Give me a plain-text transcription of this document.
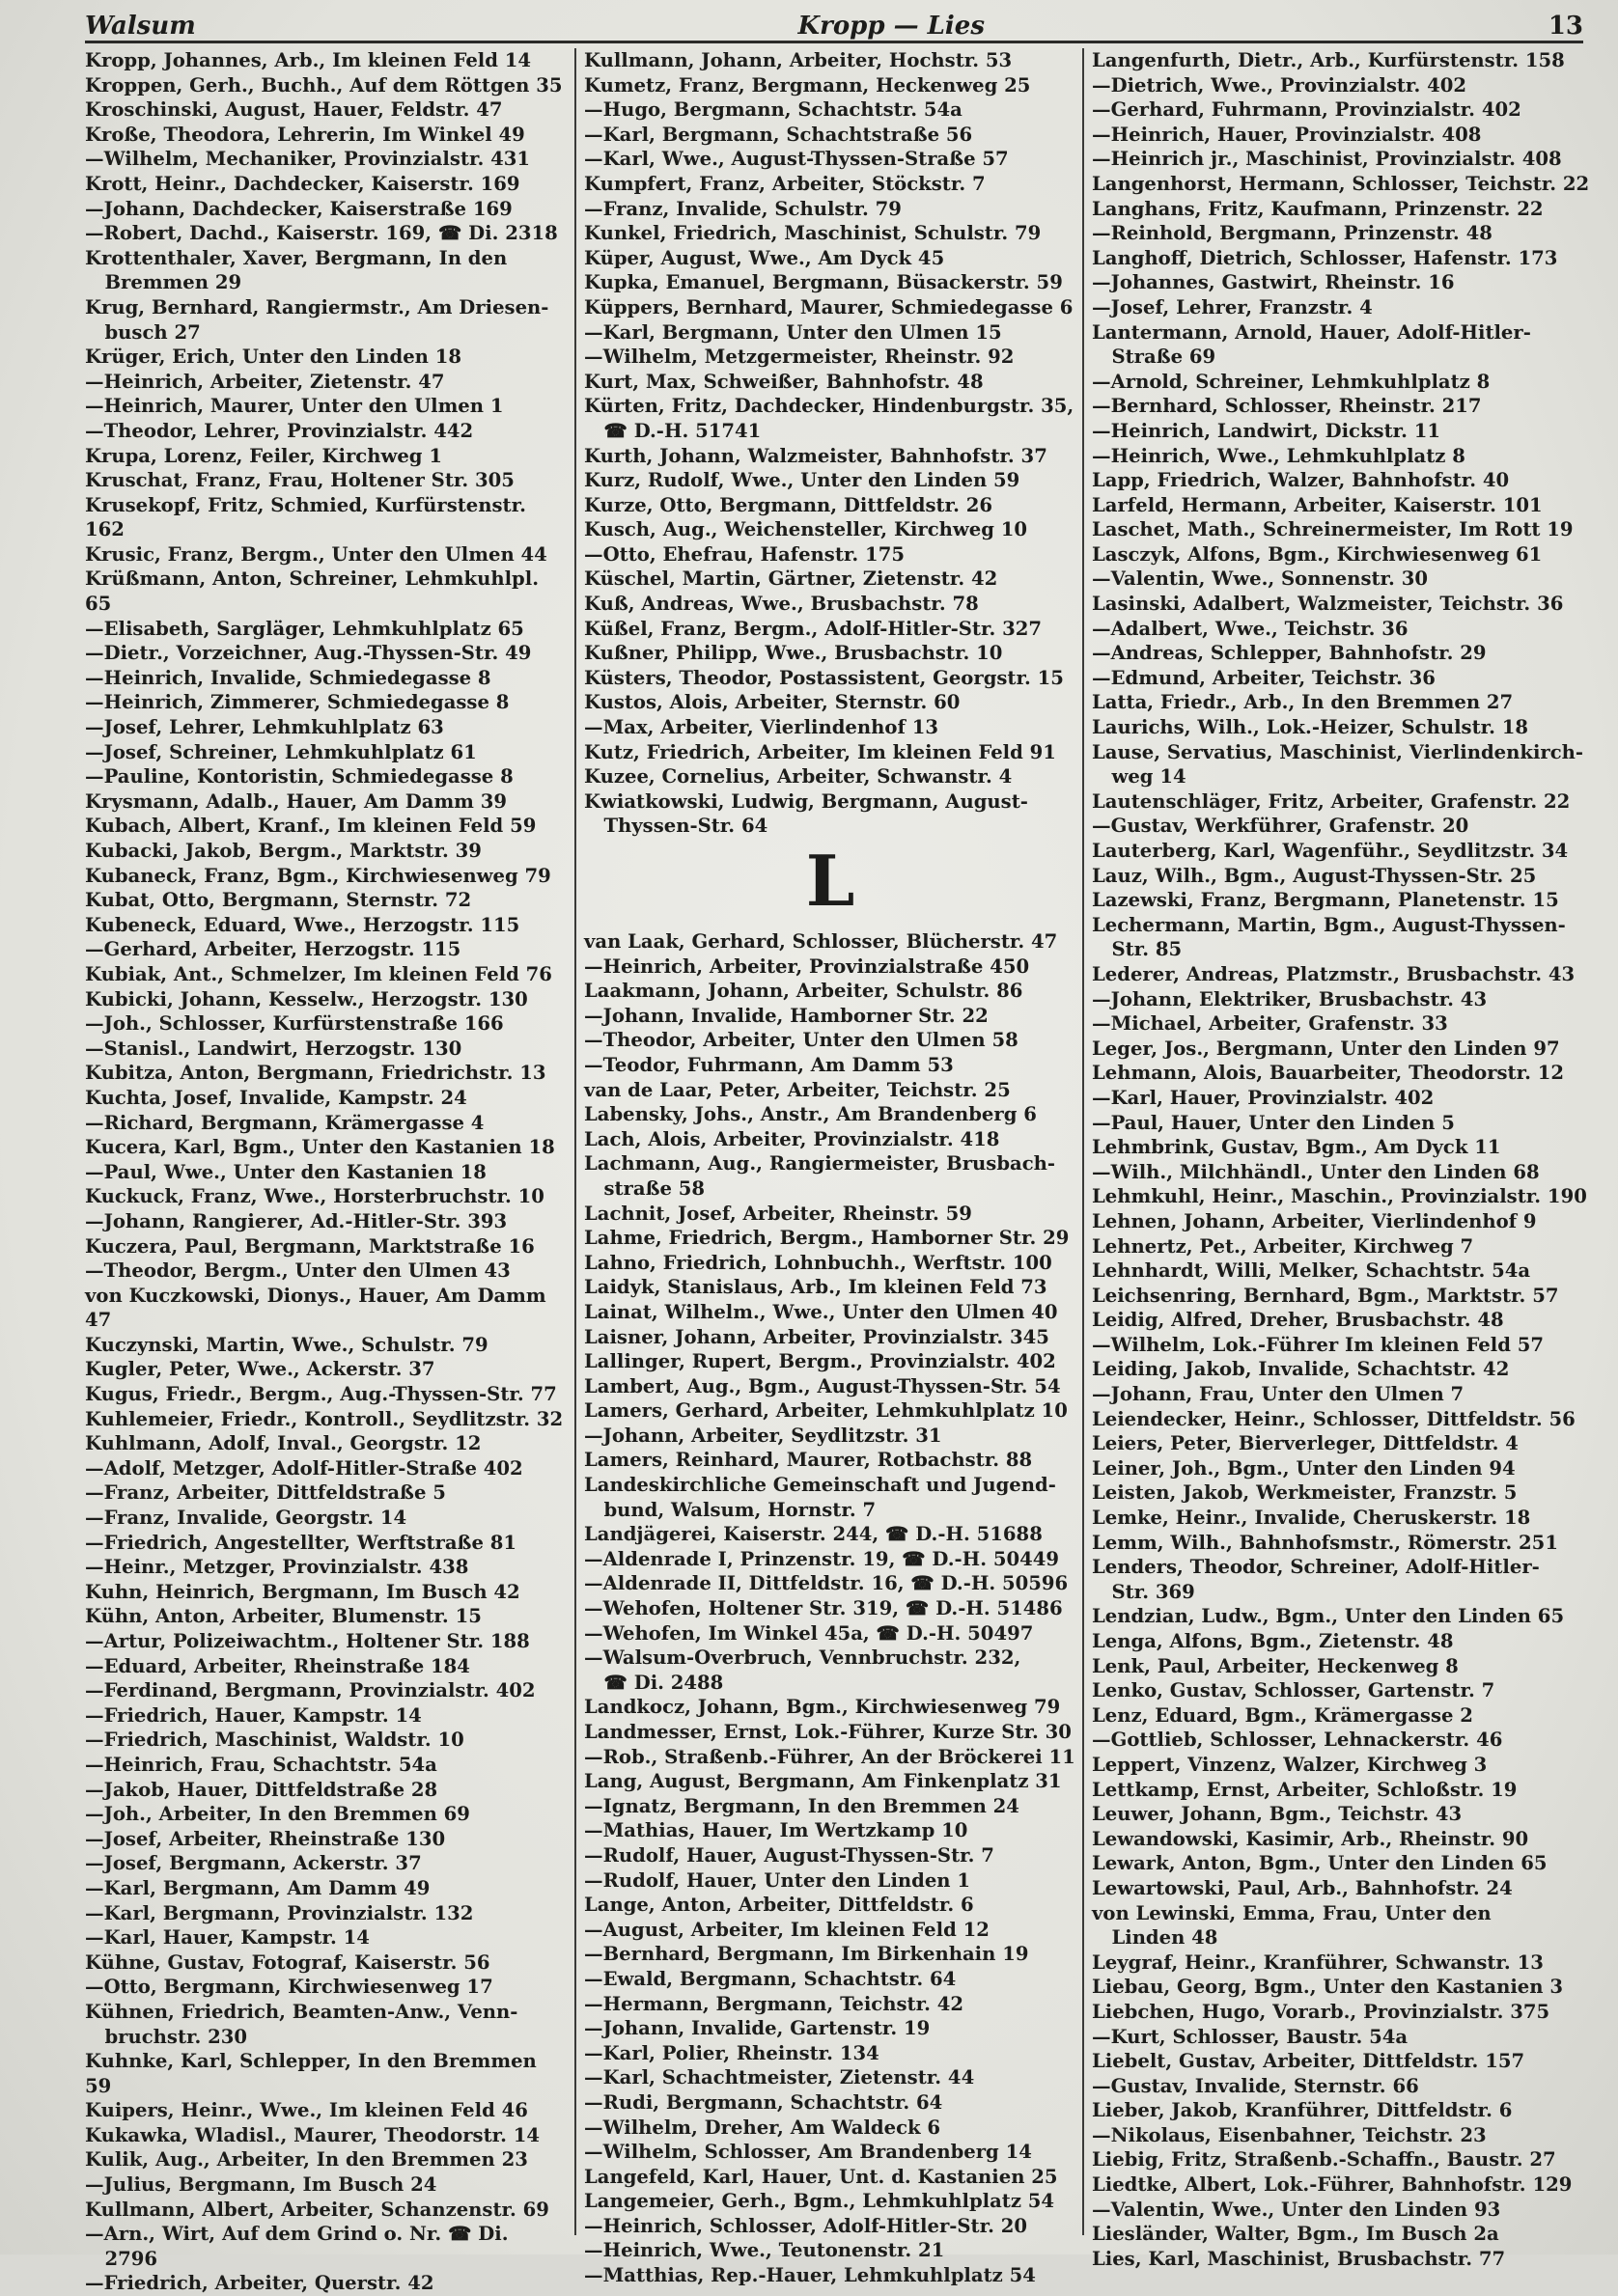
Walsum	Kropp — Lies	13

Kropp, Johannes, Arb., Im kleinen Feld 14

Kroppen, Gerh., Buchh., Auf dem Röttgen 35

Kroschinski, August, Hauer, Feldstr. 47

Kroße, Theodora, Lehrerin, Im Winkel 49

—Wilhelm, Mechaniker, Provinzialstr. 431

Krott, Heinr., Dachdecker, Kaiserstr. 169

—Johann, Dachdecker, Kaiserstraße 169

—Robert, Dachd., Kaiserstr. 169, ☎ Di. 2318

Krottenthaler, Xaver, Bergmann, In den
Bremmen 29

Krug, Bernhard, Rangiermstr., Am Driesen-
busch 27

Krüger, Erich, Unter den Linden 18

—Heinrich, Arbeiter, Zietenstr. 47

—Heinrich, Maurer, Unter den Ulmen 1

—Theodor, Lehrer, Provinzialstr. 442

Krupa, Lorenz, Feiler, Kirchweg 1

Kruschat, Franz, Frau, Holtener Str. 305

Krusekopf, Fritz, Schmied, Kurfürstenstr. 162

Krusic, Franz, Bergm., Unter den Ulmen 44

Krüßmann, Anton, Schreiner, Lehmkuhlpl. 65

—Elisabeth, Sargläger, Lehmkuhlplatz 65

—Dietr., Vorzeichner, Aug.-Thyssen-Str. 49

—Heinrich, Invalide, Schmiedegasse 8

—Heinrich, Zimmerer, Schmiedegasse 8

—Josef, Lehrer, Lehmkuhlplatz 63

—Josef, Schreiner, Lehmkuhlplatz 61

—Pauline, Kontoristin, Schmiedegasse 8

Krysmann, Adalb., Hauer, Am Damm 39

Kubach, Albert, Kranf., Im kleinen Feld 59

Kubacki, Jakob, Bergm., Marktstr. 39

Kubaneck, Franz, Bgm., Kirchwiesenweg 79

Kubat, Otto, Bergmann, Sternstr. 72

Kubeneck, Eduard, Wwe., Herzogstr. 115

—Gerhard, Arbeiter, Herzogstr. 115

Kubiak, Ant., Schmelzer, Im kleinen Feld 76

Kubicki, Johann, Kesselw., Herzogstr. 130

—Joh., Schlosser, Kurfürstenstraße 166

—Stanisl., Landwirt, Herzogstr. 130

Kubitza, Anton, Bergmann, Friedrichstr. 13

Kuchta, Josef, Invalide, Kampstr. 24

—Richard, Bergmann, Krämergasse 4

Kucera, Karl, Bgm., Unter den Kastanien 18

—Paul, Wwe., Unter den Kastanien 18

Kuckuck, Franz, Wwe., Horsterbruchstr. 10

—Johann, Rangierer, Ad.-Hitler-Str. 393

Kuczera, Paul, Bergmann, Marktstraße 16

—Theodor, Bergm., Unter den Ulmen 43

von Kuczkowski, Dionys., Hauer, Am Damm 47

Kuczynski, Martin, Wwe., Schulstr. 79

Kugler, Peter, Wwe., Ackerstr. 37

Kugus, Friedr., Bergm., Aug.-Thyssen-Str. 77

Kuhlemeier, Friedr., Kontroll., Seydlitzstr. 32

Kuhlmann, Adolf, Inval., Georgstr. 12

—Adolf, Metzger, Adolf-Hitler-Straße 402

—Franz, Arbeiter, Dittfeldstraße 5

—Franz, Invalide, Georgstr. 14

—Friedrich, Angestellter, Werftstraße 81

—Heinr., Metzger, Provinzialstr. 438

Kuhn, Heinrich, Bergmann, Im Busch 42

Kühn, Anton, Arbeiter, Blumenstr. 15

—Artur, Polizeiwachtm., Holtener Str. 188

—Eduard, Arbeiter, Rheinstraße 184

—Ferdinand, Bergmann, Provinzialstr. 402

—Friedrich, Hauer, Kampstr. 14

—Friedrich, Maschinist, Waldstr. 10

—Heinrich, Frau, Schachtstr. 54a

—Jakob, Hauer, Dittfeldstraße 28

—Joh., Arbeiter, In den Bremmen 69

—Josef, Arbeiter, Rheinstraße 130

—Josef, Bergmann, Ackerstr. 37

—Karl, Bergmann, Am Damm 49

—Karl, Bergmann, Provinzialstr. 132

—Karl, Hauer, Kampstr. 14

Kühne, Gustav, Fotograf, Kaiserstr. 56

—Otto, Bergmann, Kirchwiesenweg 17

Kühnen, Friedrich, Beamten-Anw., Venn-
bruchstr. 230

Kuhnke, Karl, Schlepper, In den Bremmen 59

Kuipers, Heinr., Wwe., Im kleinen Feld 46

Kukawka, Wladisl., Maurer, Theodorstr. 14

Kulik, Aug., Arbeiter, In den Bremmen 23

—Julius, Bergmann, Im Busch 24

Kullmann, Albert, Arbeiter, Schanzenstr. 69

—Arn., Wirt, Auf dem Grind o. Nr. ☎ Di.
2796

—Friedrich, Arbeiter, Querstr. 42

Kullmann, Johann, Arbeiter, Hochstr. 53

Kumetz, Franz, Bergmann, Heckenweg 25

—Hugo, Bergmann, Schachtstr. 54a

—Karl, Bergmann, Schachtstraße 56

—Karl, Wwe., August-Thyssen-Straße 57

Kumpfert, Franz, Arbeiter, Stöckstr. 7

—Franz, Invalide, Schulstr. 79

Kunkel, Friedrich, Maschinist, Schulstr. 79

Küper, August, Wwe., Am Dyck 45

Kupka, Emanuel, Bergmann, Büsackerstr. 59

Küppers, Bernhard, Maurer, Schmiedegasse 6

—Karl, Bergmann, Unter den Ulmen 15

—Wilhelm, Metzgermeister, Rheinstr. 92

Kurt, Max, Schweißer, Bahnhofstr. 48

Kürten, Fritz, Dachdecker, Hindenburgstr. 35,
☎ D.-H. 51741

Kurth, Johann, Walzmeister, Bahnhofstr. 37

Kurz, Rudolf, Wwe., Unter den Linden 59

Kurze, Otto, Bergmann, Dittfeldstr. 26

Kusch, Aug., Weichensteller, Kirchweg 10

—Otto, Ehefrau, Hafenstr. 175

Küschel, Martin, Gärtner, Zietenstr. 42

Kuß, Andreas, Wwe., Brusbachstr. 78

Küßel, Franz, Bergm., Adolf-Hitler-Str. 327

Kußner, Philipp, Wwe., Brusbachstr. 10

Küsters, Theodor, Postassistent, Georgstr. 15

Kustos, Alois, Arbeiter, Sternstr. 60

—Max, Arbeiter, Vierlindenhof 13

Kutz, Friedrich, Arbeiter, Im kleinen Feld 91

Kuzee, Cornelius, Arbeiter, Schwanstr. 4

Kwiatkowski, Ludwig, Bergmann, August-
Thyssen-Str. 64

L

van Laak, Gerhard, Schlosser, Blücherstr. 47

—Heinrich, Arbeiter, Provinzialstraße 450

Laakmann, Johann, Arbeiter, Schulstr. 86

—Johann, Invalide, Hamborner Str. 22

—Theodor, Arbeiter, Unter den Ulmen 58

—Teodor, Fuhrmann, Am Damm 53

van de Laar, Peter, Arbeiter, Teichstr. 25

Labensky, Johs., Anstr., Am Brandenberg 6

Lach, Alois, Arbeiter, Provinzialstr. 418

Lachmann, Aug., Rangiermeister, Brusbach-
straße 58

Lachnit, Josef, Arbeiter, Rheinstr. 59

Lahme, Friedrich, Bergm., Hamborner Str. 29

Lahno, Friedrich, Lohnbuchh., Werftstr. 100

Laidyk, Stanislaus, Arb., Im kleinen Feld 73

Lainat, Wilhelm., Wwe., Unter den Ulmen 40

Laisner, Johann, Arbeiter, Provinzialstr. 345

Lallinger, Rupert, Bergm., Provinzialstr. 402

Lambert, Aug., Bgm., August-Thyssen-Str. 54

Lamers, Gerhard, Arbeiter, Lehmkuhlplatz 10

—Johann, Arbeiter, Seydlitzstr. 31

Lamers, Reinhard, Maurer, Rotbachstr. 88

Landeskirchliche Gemeinschaft und Jugend-
bund, Walsum, Hornstr. 7

Landjägerei, Kaiserstr. 244, ☎ D.-H. 51688

—Aldenrade I, Prinzenstr. 19, ☎ D.-H. 50449

—Aldenrade II, Dittfeldstr. 16, ☎ D.-H. 50596

—Wehofen, Holtener Str. 319, ☎ D.-H. 51486

—Wehofen, Im Winkel 45a, ☎ D.-H. 50497

—Walsum-Overbruch, Vennbruchstr. 232,
☎ Di. 2488

Landkocz, Johann, Bgm., Kirchwiesenweg 79

Landmesser, Ernst, Lok.-Führer, Kurze Str. 30

—Rob., Straßenb.-Führer, An der Bröckerei 11

Lang, August, Bergmann, Am Finkenplatz 31

—Ignatz, Bergmann, In den Bremmen 24

—Mathias, Hauer, Im Wertzkamp 10

—Rudolf, Hauer, August-Thyssen-Str. 7

—Rudolf, Hauer, Unter den Linden 1

Lange, Anton, Arbeiter, Dittfeldstr. 6

—August, Arbeiter, Im kleinen Feld 12

—Bernhard, Bergmann, Im Birkenhain 19

—Ewald, Bergmann, Schachtstr. 64

—Hermann, Bergmann, Teichstr. 42

—Johann, Invalide, Gartenstr. 19

—Karl, Polier, Rheinstr. 134

—Karl, Schachtmeister, Zietenstr. 44

—Rudi, Bergmann, Schachtstr. 64

—Wilhelm, Dreher, Am Waldeck 6

—Wilhelm, Schlosser, Am Brandenberg 14

Langefeld, Karl, Hauer, Unt. d. Kastanien 25

Langemeier, Gerh., Bgm., Lehmkuhlplatz 54

—Heinrich, Schlosser, Adolf-Hitler-Str. 20

—Heinrich, Wwe., Teutonenstr. 21

—Matthias, Rep.-Hauer, Lehmkuhlplatz 54

Langenfurth, Dietr., Arb., Kurfürstenstr. 158

—Dietrich, Wwe., Provinzialstr. 402

—Gerhard, Fuhrmann, Provinzialstr. 402

—Heinrich, Hauer, Provinzialstr. 408

—Heinrich jr., Maschinist, Provinzialstr. 408

Langenhorst, Hermann, Schlosser, Teichstr. 22

Langhans, Fritz, Kaufmann, Prinzenstr. 22

—Reinhold, Bergmann, Prinzenstr. 48

Langhoff, Dietrich, Schlosser, Hafenstr. 173

—Johannes, Gastwirt, Rheinstr. 16

—Josef, Lehrer, Franzstr. 4

Lantermann, Arnold, Hauer, Adolf-Hitler-
Straße 69

—Arnold, Schreiner, Lehmkuhlplatz 8

—Bernhard, Schlosser, Rheinstr. 217

—Heinrich, Landwirt, Dickstr. 11

—Heinrich, Wwe., Lehmkuhlplatz 8

Lapp, Friedrich, Walzer, Bahnhofstr. 40

Larfeld, Hermann, Arbeiter, Kaiserstr. 101

Laschet, Math., Schreinermeister, Im Rott 19

Lasczyk, Alfons, Bgm., Kirchwiesenweg 61

—Valentin, Wwe., Sonnenstr. 30

Lasinski, Adalbert, Walzmeister, Teichstr. 36

—Adalbert, Wwe., Teichstr. 36

—Andreas, Schlepper, Bahnhofstr. 29

—Edmund, Arbeiter, Teichstr. 36

Latta, Friedr., Arb., In den Bremmen 27

Laurichs, Wilh., Lok.-Heizer, Schulstr. 18

Lause, Servatius, Maschinist, Vierlindenkirch-
weg 14

Lautenschläger, Fritz, Arbeiter, Grafenstr. 22

—Gustav, Werkführer, Grafenstr. 20

Lauterberg, Karl, Wagenführ., Seydlitzstr. 34

Lauz, Wilh., Bgm., August-Thyssen-Str. 25

Lazewski, Franz, Bergmann, Planetenstr. 15

Lechermann, Martin, Bgm., August-Thyssen-
Str. 85

Lederer, Andreas, Platzmstr., Brusbachstr. 43

—Johann, Elektriker, Brusbachstr. 43

—Michael, Arbeiter, Grafenstr. 33

Leger, Jos., Bergmann, Unter den Linden 97

Lehmann, Alois, Bauarbeiter, Theodorstr. 12

—Karl, Hauer, Provinzialstr. 402

—Paul, Hauer, Unter den Linden 5

Lehmbrink, Gustav, Bgm., Am Dyck 11

—Wilh., Milchhändl., Unter den Linden 68

Lehmkuhl, Heinr., Maschin., Provinzialstr. 190

Lehnen, Johann, Arbeiter, Vierlindenhof 9

Lehnertz, Pet., Arbeiter, Kirchweg 7

Lehnhardt, Willi, Melker, Schachtstr. 54a

Leichsenring, Bernhard, Bgm., Marktstr. 57

Leidig, Alfred, Dreher, Brusbachstr. 48

—Wilhelm, Lok.-Führer Im kleinen Feld 57

Leiding, Jakob, Invalide, Schachtstr. 42

—Johann, Frau, Unter den Ulmen 7

Leiendecker, Heinr., Schlosser, Dittfeldstr. 56

Leiers, Peter, Bierverleger, Dittfeldstr. 4

Leiner, Joh., Bgm., Unter den Linden 94

Leisten, Jakob, Werkmeister, Franzstr. 5

Lemke, Heinr., Invalide, Cheruskerstr. 18

Lemm, Wilh., Bahnhofsmstr., Römerstr. 251

Lenders, Theodor, Schreiner, Adolf-Hitler-
Str. 369

Lendzian, Ludw., Bgm., Unter den Linden 65

Lenga, Alfons, Bgm., Zietenstr. 48

Lenk, Paul, Arbeiter, Heckenweg 8

Lenko, Gustav, Schlosser, Gartenstr. 7

Lenz, Eduard, Bgm., Krämergasse 2

—Gottlieb, Schlosser, Lehnackerstr. 46

Leppert, Vinzenz, Walzer, Kirchweg 3

Lettkamp, Ernst, Arbeiter, Schloßstr. 19

Leuwer, Johann, Bgm., Teichstr. 43

Lewandowski, Kasimir, Arb., Rheinstr. 90

Lewark, Anton, Bgm., Unter den Linden 65

Lewartowski, Paul, Arb., Bahnhofstr. 24

von Lewinski, Emma, Frau, Unter den
Linden 48

Leygraf, Heinr., Kranführer, Schwanstr. 13

Liebau, Georg, Bgm., Unter den Kastanien 3

Liebchen, Hugo, Vorarb., Provinzialstr. 375

—Kurt, Schlosser, Baustr. 54a

Liebelt, Gustav, Arbeiter, Dittfeldstr. 157

—Gustav, Invalide, Sternstr. 66

Lieber, Jakob, Kranführer, Dittfeldstr. 6

—Nikolaus, Eisenbahner, Teichstr. 23

Liebig, Fritz, Straßenb.-Schaffn., Baustr. 27

Liedtke, Albert, Lok.-Führer, Bahnhofstr. 129

—Valentin, Wwe., Unter den Linden 93

Liesländer, Walter, Bgm., Im Busch 2a

Lies, Karl, Maschinist, Brusbachstr. 77
